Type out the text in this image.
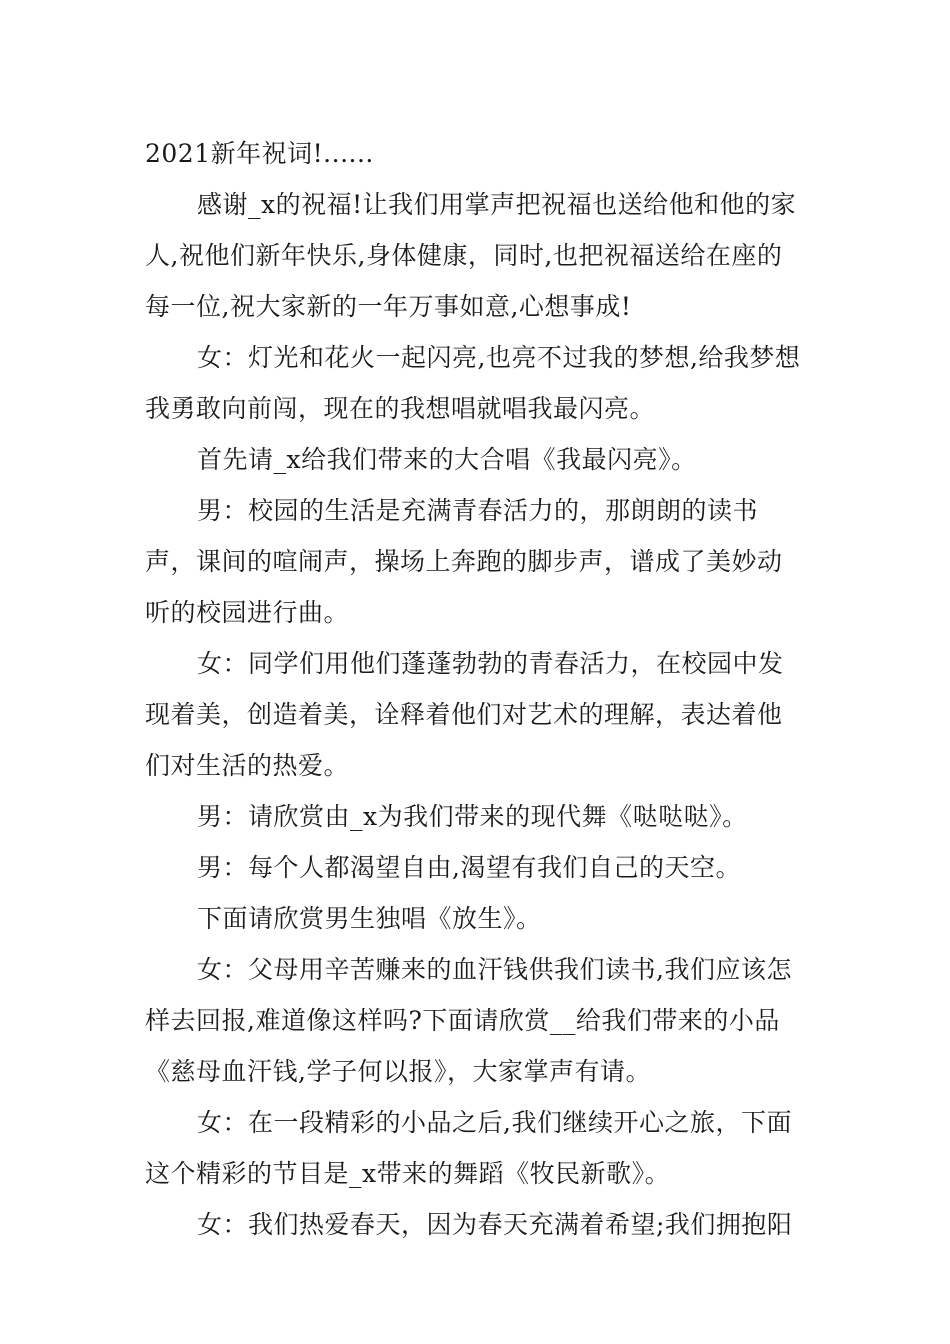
2021新年祝词!......

感谢_x的祝福!让我们用掌声把祝福也送给他和他的家人,祝他们新年快乐,身体健康，同时,也把祝福送给在座的每一位,祝大家新的一年万事如意,心想事成!

女：灯光和花火一起闪亮,也亮不过我的梦想,给我梦想我勇敢向前闯，现在的我想唱就唱我最闪亮。

首先请_x给我们带来的大合唱《我最闪亮》。

男：校园的生活是充满青春活力的，那朗朗的读书声，课间的喧闹声，操场上奔跑的脚步声，谱成了美妙动听的校园进行曲。

女：同学们用他们蓬蓬勃勃的青春活力，在校园中发现着美，创造着美，诠释着他们对艺术的理解，表达着他们对生活的热爱。

男：请欣赏由_x为我们带来的现代舞《哒哒哒》。

男：每个人都渴望自由,渴望有我们自己的天空。

下面请欣赏男生独唱《放生》。

女：父母用辛苦赚来的血汗钱供我们读书,我们应该怎样去回报,难道像这样吗?下面请欣赏__给我们带来的小品《慈母血汗钱,学子何以报》，大家掌声有请。

女：在一段精彩的小品之后,我们继续开心之旅，下面这个精彩的节目是_x带来的舞蹈《牧民新歌》。

女：我们热爱春天，因为春天充满着希望;我们拥抱阳
